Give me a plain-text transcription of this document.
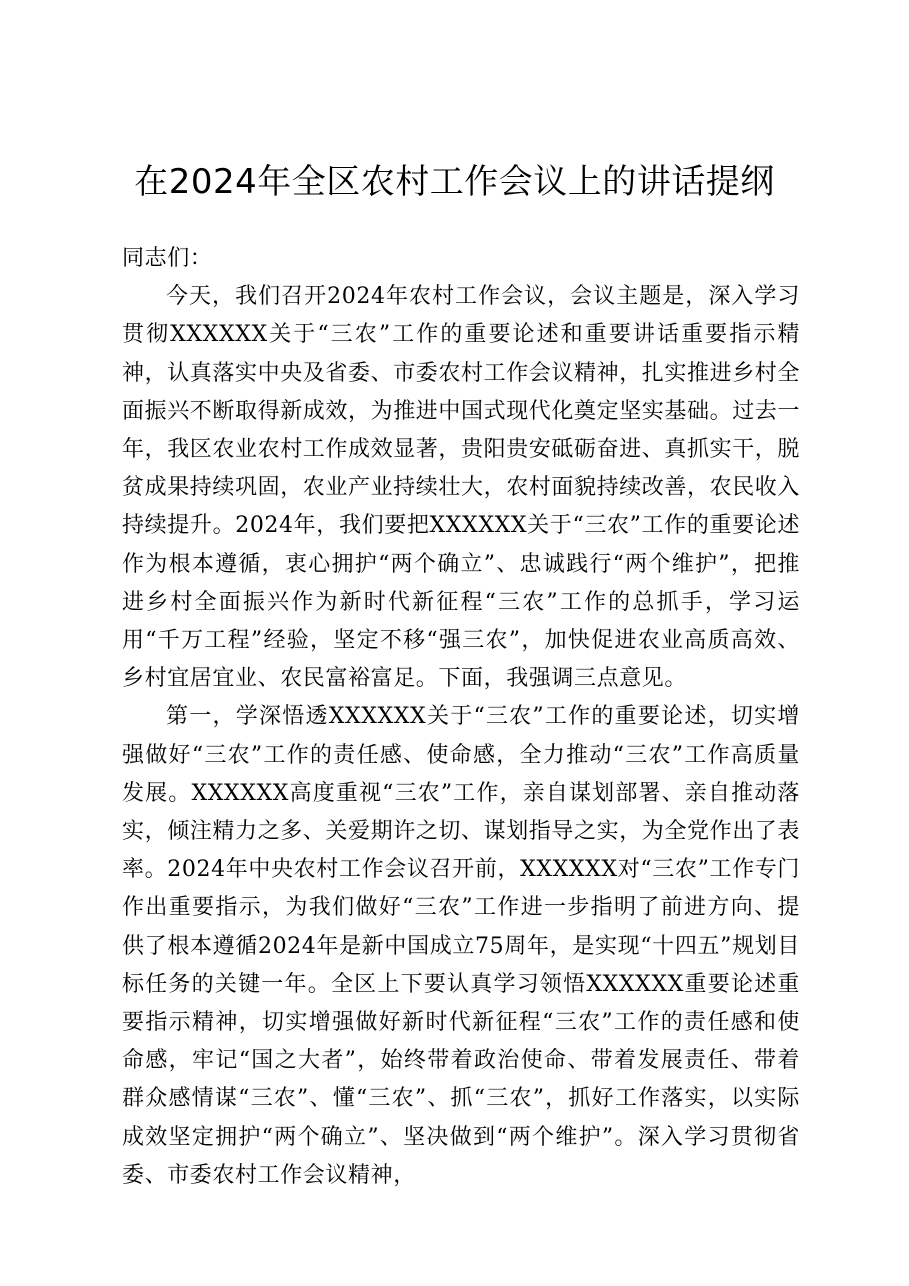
在2024年全区农村工作会议上的讲话提纲

同志们：

今天，我们召开2024年农村工作会议，会议主题是，深入学习贯彻XXXXXX关于“三农”工作的重要论述和重要讲话重要指示精神，认真落实中央及省委、市委农村工作会议精神，扎实推进乡村全面振兴不断取得新成效，为推进中国式现代化奠定坚实基础。过去一年，我区农业农村工作成效显著，贵阳贵安砥砺奋进、真抓实干，脱贫成果持续巩固，农业产业持续壮大，农村面貌持续改善，农民收入持续提升。2024年，我们要把XXXXXX关于“三农”工作的重要论述作为根本遵循，衷心拥护“两个确立”、忠诚践行“两个维护”，把推进乡村全面振兴作为新时代新征程“三农”工作的总抓手，学习运用“千万工程”经验，坚定不移“强三农”，加快促进农业高质高效、乡村宜居宜业、农民富裕富足。下面，我强调三点意见。

第一，学深悟透XXXXXX关于“三农”工作的重要论述，切实增强做好“三农”工作的责任感、使命感，全力推动“三农”工作高质量发展。XXXXXX高度重视“三农”工作，亲自谋划部署、亲自推动落实，倾注精力之多、关爱期许之切、谋划指导之实，为全党作出了表率。2024年中央农村工作会议召开前，XXXXXX对“三农”工作专门作出重要指示，为我们做好“三农”工作进一步指明了前进方向、提供了根本遵循2024年是新中国成立75周年，是实现“十四五”规划目标任务的关键一年。全区上下要认真学习领悟XXXXXX重要论述重要指示精神，切实增强做好新时代新征程“三农”工作的责任感和使命感，牢记“国之大者”，始终带着政治使命、带着发展责任、带着群众感情谋“三农”、懂“三农”、抓“三农”，抓好工作落实，以实际成效坚定拥护“两个确立”、坚决做到“两个维护”。深入学习贯彻省委、市委农村工作会议精神，
